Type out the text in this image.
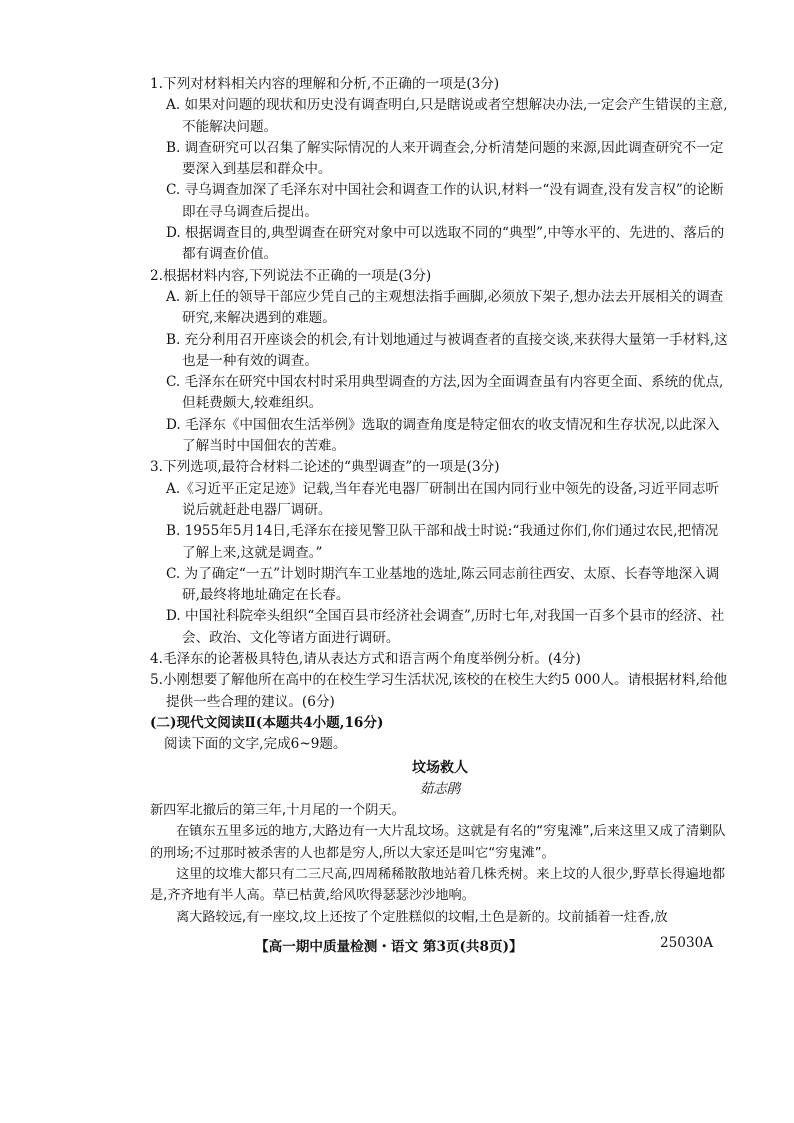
1.下列对材料相关内容的理解和分析,不正确的一项是(3分)

A. 如果对问题的现状和历史没有调查明白,只是瞎说或者空想解决办法,一定会产生错误的主意,不能解决问题。

B. 调查研究可以召集了解实际情况的人来开调查会,分析清楚问题的来源,因此调查研究不一定要深入到基层和群众中。

C. 寻乌调查加深了毛泽东对中国社会和调查工作的认识,材料一“没有调查,没有发言权”的论断即在寻乌调查后提出。

D. 根据调查目的,典型调查在研究对象中可以选取不同的“典型”,中等水平的、先进的、落后的都有调查价值。

2.根据材料内容,下列说法不正确的一项是(3分)

A. 新上任的领导干部应少凭自己的主观想法指手画脚,必须放下架子,想办法去开展相关的调查研究,来解决遇到的难题。

B. 充分利用召开座谈会的机会,有计划地通过与被调查者的直接交谈,来获得大量第一手材料,这也是一种有效的调查。

C. 毛泽东在研究中国农村时采用典型调查的方法,因为全面调查虽有内容更全面、系统的优点,但耗费颇大,较难组织。

D. 毛泽东《中国佃农生活举例》选取的调查角度是特定佃农的收支情况和生存状况,以此深入了解当时中国佃农的苦难。

3.下列选项,最符合材料二论述的“典型调查”的一项是(3分)

A.《习近平正定足迹》记载,当年春光电器厂研制出在国内同行业中领先的设备,习近平同志听说后就赶赴电器厂调研。

B. 1955年5月14日,毛泽东在接见警卫队干部和战士时说:“我通过你们,你们通过农民,把情况了解上来,这就是调查。”

C. 为了确定“一五”计划时期汽车工业基地的选址,陈云同志前往西安、太原、长春等地深入调研,最终将地址确定在长春。

D. 中国社科院牵头组织“全国百县市经济社会调查”,历时七年,对我国一百多个县市的经济、社会、政治、文化等诸方面进行调研。

4.毛泽东的论著极具特色,请从表达方式和语言两个角度举例分析。(4分)

5.小刚想要了解他所在高中的在校生学习生活状况,该校的在校生大约5 000人。请根据材料,给他提供一些合理的建议。(6分)

(二)现代文阅读Ⅱ(本题共4小题,16分)

阅读下面的文字,完成6~9题。

坟场救人

茹志鹃

新四军北撤后的第三年,十月尾的一个阴天。

在镇东五里多远的地方,大路边有一大片乱坟场。这就是有名的“穷鬼滩”,后来这里又成了清剿队的刑场;不过那时被杀害的人也都是穷人,所以大家还是叫它“穷鬼滩”。

这里的坟堆大都只有二三尺高,四周稀稀散散地站着几株秃树。来上坟的人很少,野草长得遍地都是,齐齐地有半人高。草已枯黄,给风吹得瑟瑟沙沙地响。

离大路较远,有一座坟,坟上还按了个定胜糕似的坟帽,土色是新的。坟前插着一炷香,放

【高一期中质量检测・语文 第3页(共8页)】	25030A
